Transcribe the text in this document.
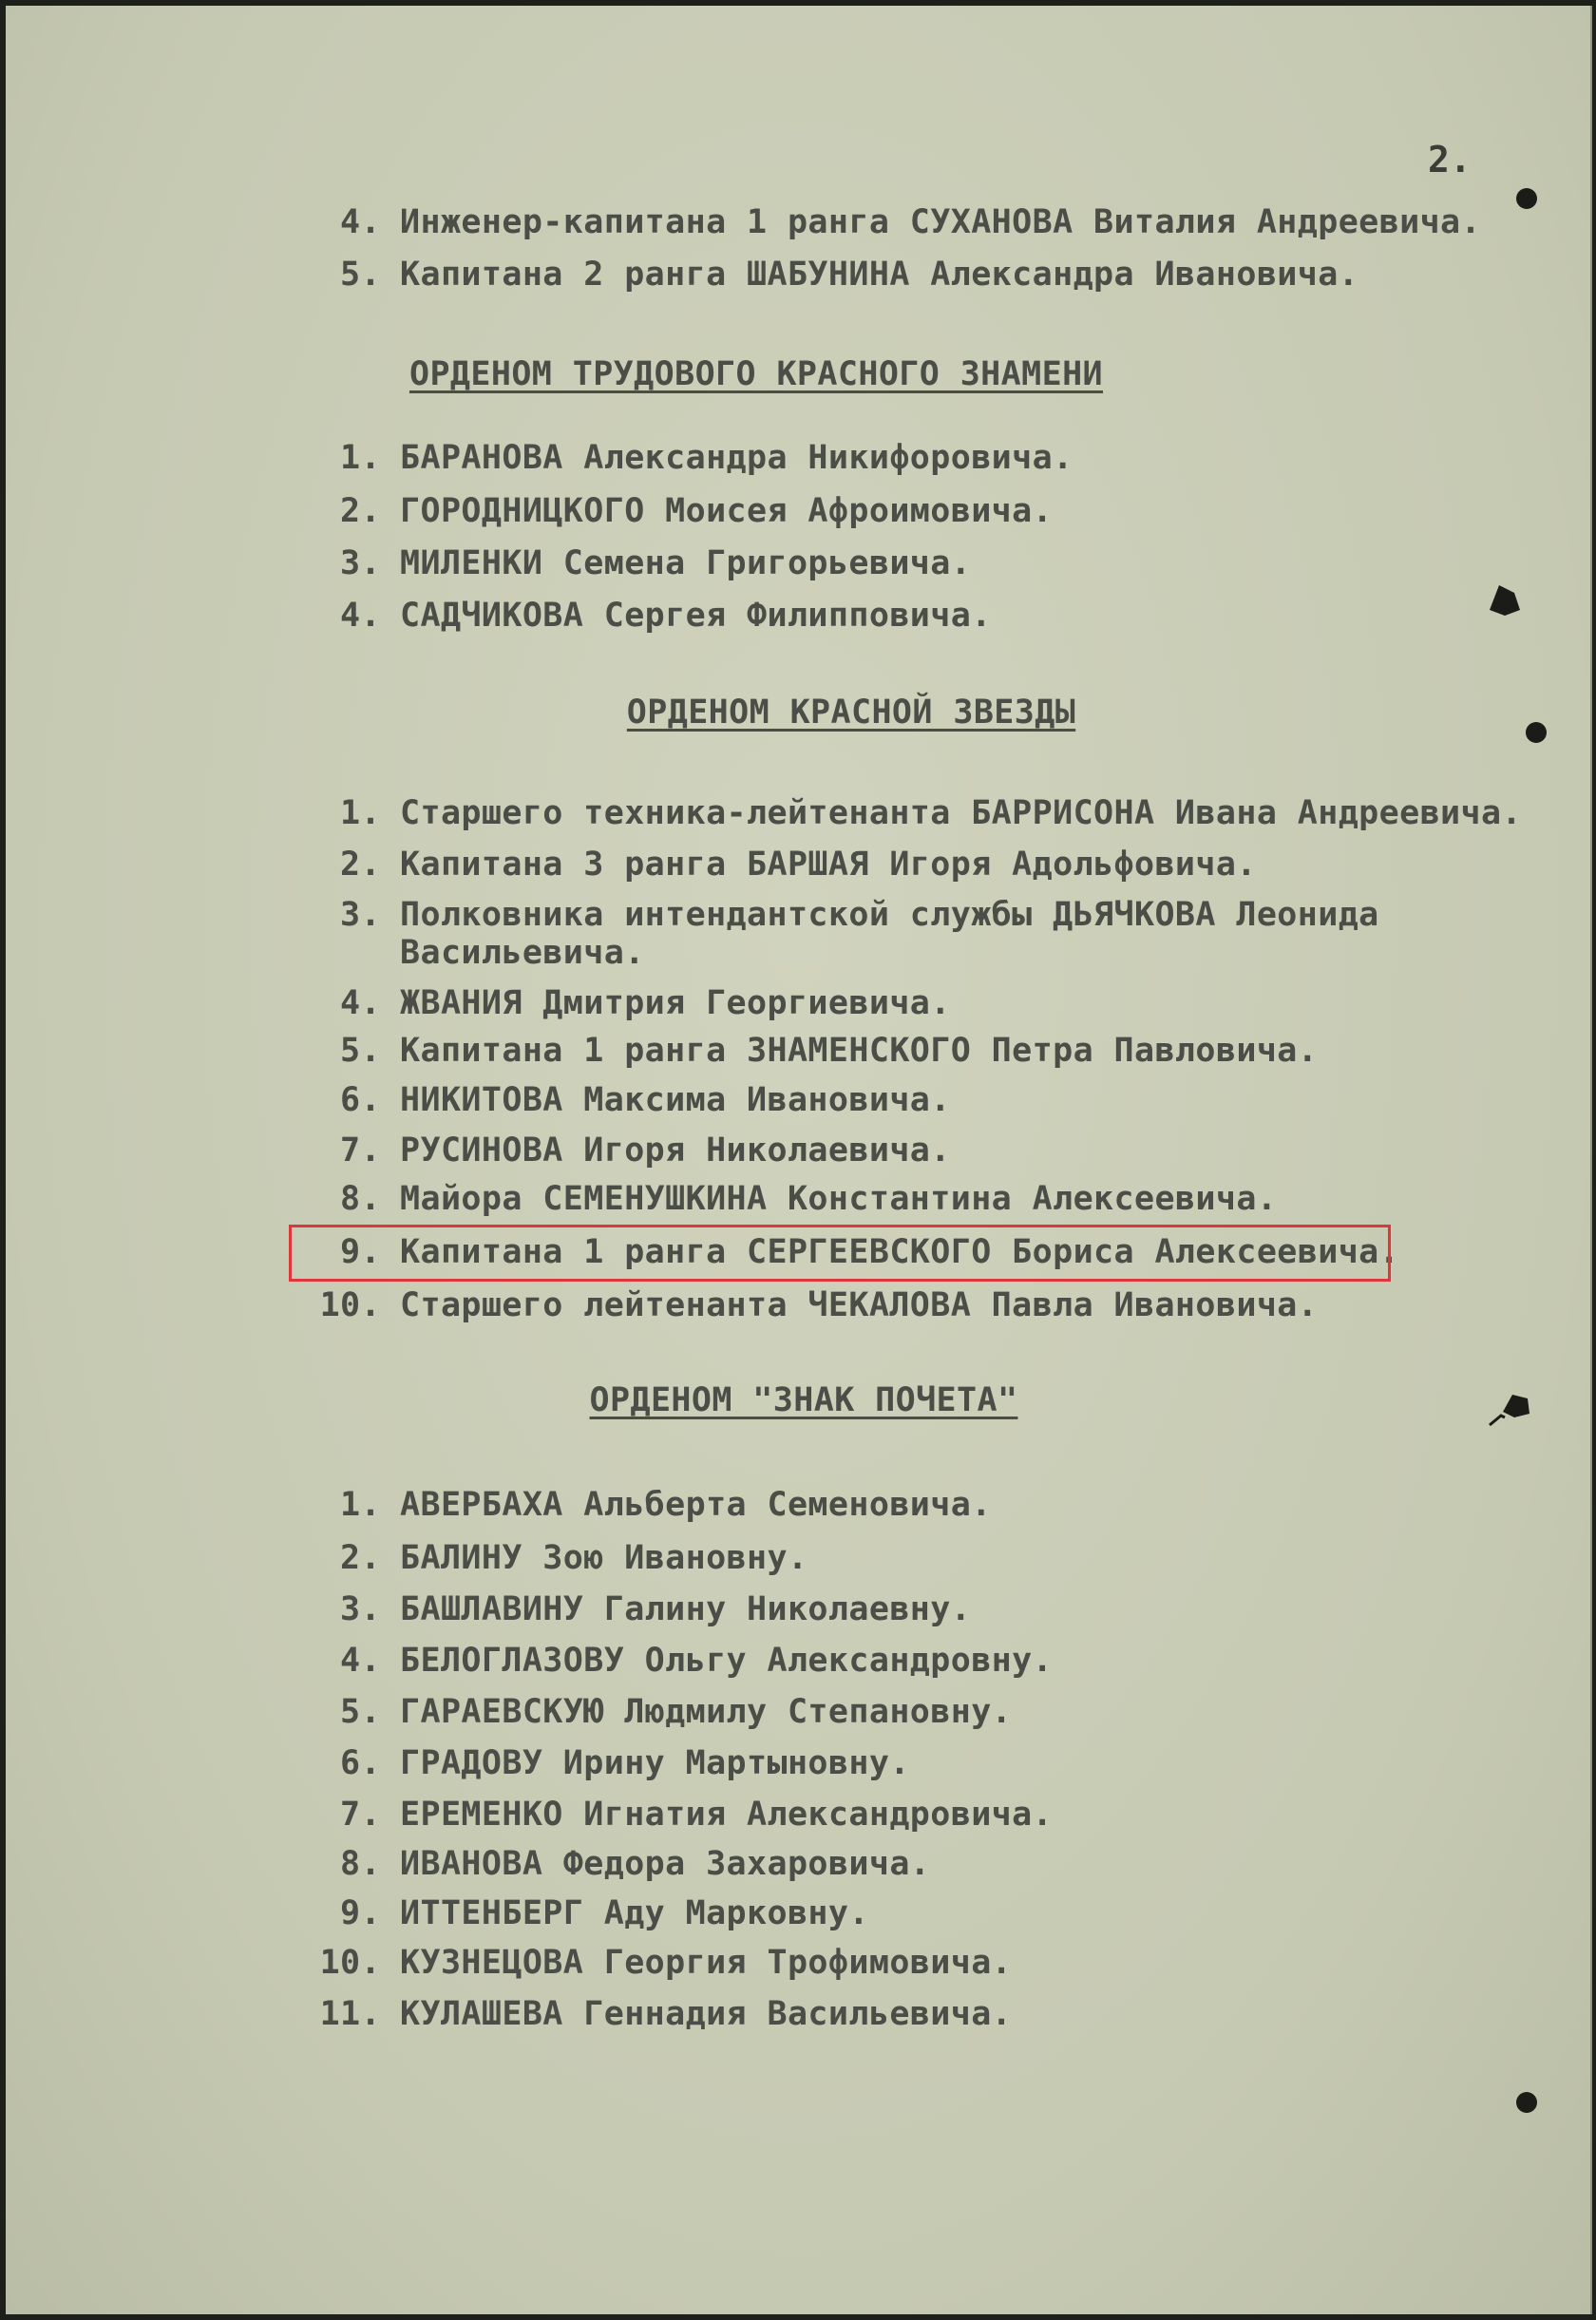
2.
4. Инженер-капитана 1 ранга СУХАНОВА Виталия Андреевича.
5. Капитана 2 ранга ШАБУНИНА Александра Ивановича.
ОРДЕНОМ ТРУДОВОГО КРАСНОГО ЗНАМЕНИ
1. БАРАНОВА Александра Никифоровича.
2. ГОРОДНИЦКОГО Моисея Афроимовича.
3. МИЛЕНКИ Семена Григорьевича.
4. САДЧИКОВА Сергея Филипповича.
ОРДЕНОМ КРАСНОЙ ЗВЕЗДЫ
1. Старшего техника-лейтенанта БАРРИСОНА Ивана Андреевича.
2. Капитана 3 ранга БАРШАЯ Игоря Адольфовича.
3. Полковника интендантской службы ДЬЯЧКОВА Леонида
Васильевича.
4. ЖВАНИЯ Дмитрия Георгиевича.
5. Капитана 1 ранга ЗНАМЕНСКОГО Петра Павловича.
6. НИКИТОВА Максима Ивановича.
7. РУСИНОВА Игоря Николаевича.
8. Майора СЕМЕНУШКИНА Константина Алексеевича.
9. Капитана 1 ранга СЕРГЕЕВСКОГО Бориса Алексеевича.
10. Старшего лейтенанта ЧЕКАЛОВА Павла Ивановича.
ОРДЕНОМ "ЗНАК ПОЧЕТА"
1. АВЕРБАХА Альберта Семеновича.
2. БАЛИНУ Зою Ивановну.
3. БАШЛАВИНУ Галину Николаевну.
4. БЕЛОГЛАЗОВУ Ольгу Александровну.
5. ГАРАЕВСКУЮ Людмилу Степановну.
6. ГРАДОВУ Ирину Мартыновну.
7. ЕРЕМЕНКО Игнатия Александровича.
8. ИВАНОВА Федора Захаровича.
9. ИТТЕНБЕРГ Аду Марковну.
10. КУЗНЕЦОВА Георгия Трофимовича.
11. КУЛАШЕВА Геннадия Васильевича.
